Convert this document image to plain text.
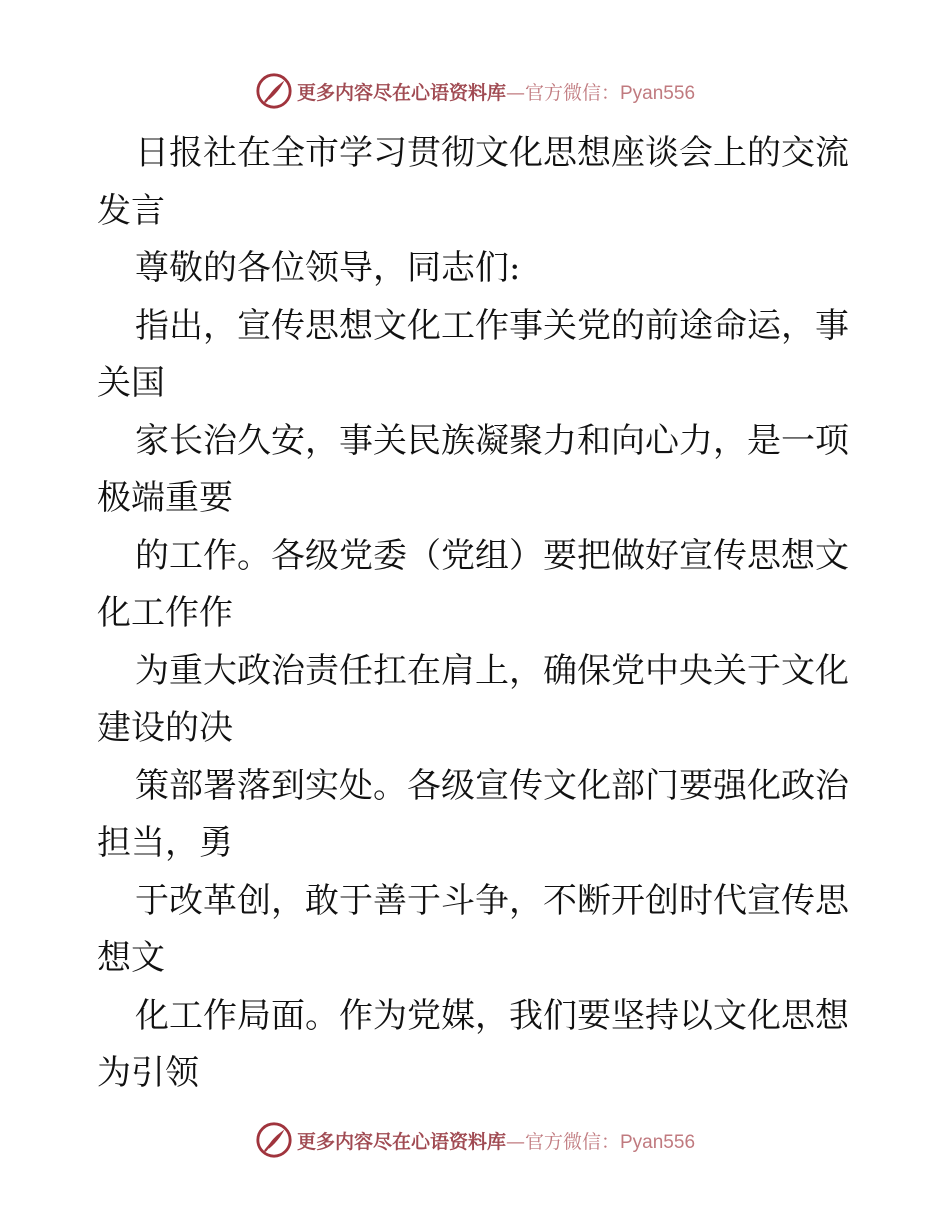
更多内容尽在心语资料库 —官方微信： Pyan556
日报社在全市学习贯彻文化思想座谈会上的交流
发言
尊敬的各位领导，同志们:
指出，宣传思想文化工作事关党的前途命运，事
关国
家长治久安，事关民族凝聚力和向心力，是一项
极端重要
的工作。各级党委（党组）要把做好宣传思想文
化工作作
为重大政治责任扛在肩上，确保党中央关于文化
建设的决
策部署落到实处。各级宣传文化部门要强化政治
担当，勇
于改革创，敢于善于斗争，不断开创时代宣传思
想文
化工作局面。作为党媒，我们要坚持以文化思想
为引领
更多内容尽在心语资料库 —官方微信： Pyan556
